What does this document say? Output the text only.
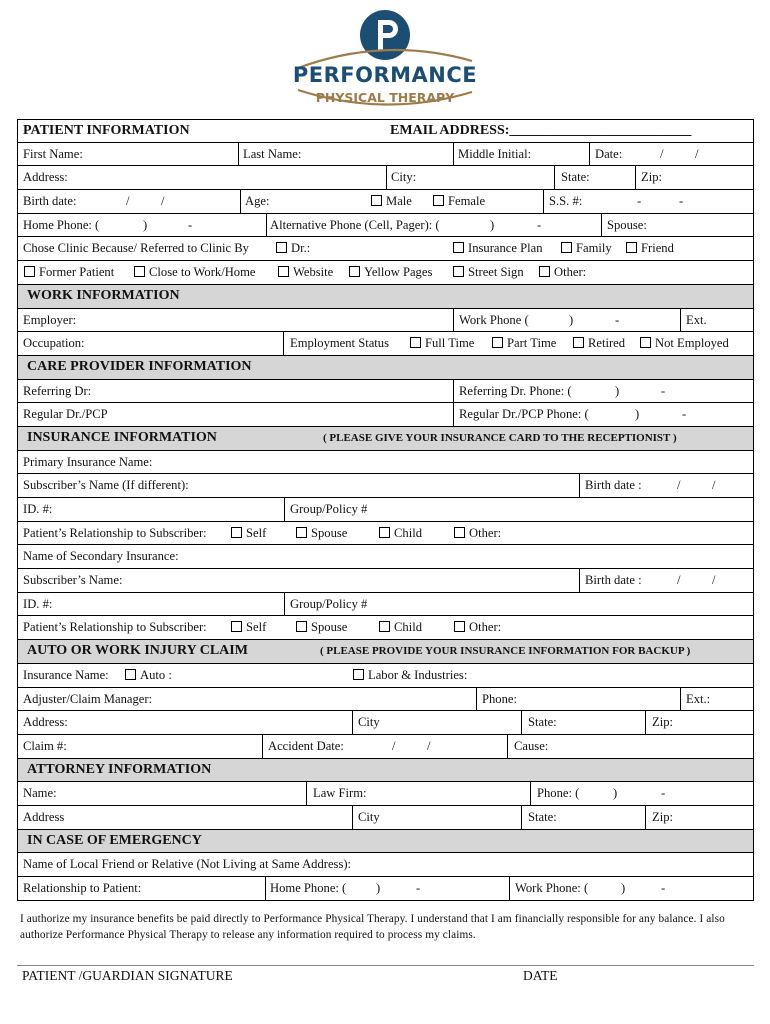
PERFORMANCE
PHYSICAL THERAPY
PATIENT INFORMATION	EMAIL ADDRESS:__________________________
First Name:	Last Name:	Middle Initial:	Date:	/	/
Address:	City:	State:	Zip:
Birth date:	/	/	Age:	Male	Female	S.S. #:	-	-
Home Phone: (	)	-	Alternative Phone (Cell, Pager): (	)	-	Spouse:
Chose Clinic Because/ Referred to Clinic By	Dr.:	Insurance Plan	Family	Friend
Former Patient	Close to Work/Home	Website	Yellow Pages	Street Sign	Other:
WORK INFORMATION
Employer:	Work Phone (	)	-	Ext.
Occupation:	Employment Status	Full Time	Part Time	Retired	Not Employed
CARE PROVIDER INFORMATION
Referring Dr:	Referring Dr. Phone: (	)	-
Regular Dr./PCP	Regular Dr./PCP Phone: (	)	-
INSURANCE INFORMATION	( PLEASE GIVE YOUR INSURANCE CARD TO THE RECEPTIONIST )
Primary Insurance Name:
Subscriber’s Name (If different):	Birth date :	/	/
ID. #:	Group/Policy #
Patient’s Relationship to Subscriber:	Self	Spouse	Child	Other:
Name of Secondary Insurance:
Subscriber’s Name:	Birth date :	/	/
ID. #:	Group/Policy #
Patient’s Relationship to Subscriber:	Self	Spouse	Child	Other:
AUTO OR WORK INJURY CLAIM	( PLEASE PROVIDE YOUR INSURANCE INFORMATION FOR BACKUP )
Insurance Name:	Auto :	Labor & Industries:
Adjuster/Claim Manager:	Phone:	Ext.:
Address:	City	State:	Zip:
Claim #:	Accident Date:	/	/	Cause:
ATTORNEY INFORMATION
Name:	Law Firm:	Phone: (	)	-
Address	City	State:	Zip:
IN CASE OF EMERGENCY
Name of Local Friend or Relative (Not Living at Same Address):
Relationship to Patient:	Home Phone: ( )	-	Work Phone: (	)	-
I authorize my insurance benefits be paid directly to Performance Physical Therapy. I understand that I am financially responsible for any balance. I also authorize Performance Physical Therapy to release any information required to process my claims.
PATIENT /GUARDIAN SIGNATURE	DATE
